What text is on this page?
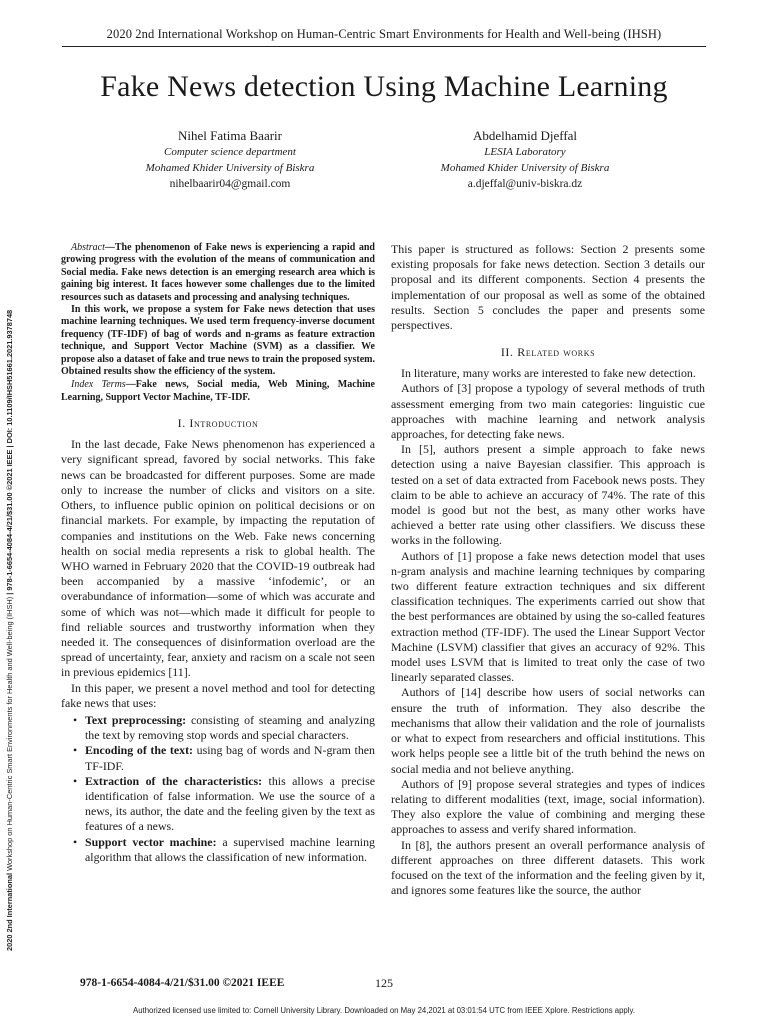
2020 2nd International Workshop on Human-Centric Smart Environments for Health and Well-being (IHSH)
Fake News detection Using Machine Learning
Nihel Fatima Baarir
Computer science department
Mohamed Khider University of Biskra
nihelbaarir04@gmail.com
Abdelhamid Djeffal
LESIA Laboratory
Mohamed Khider University of Biskra
a.djeffal@univ-biskra.dz
2020 2nd International Workshop on Human-Centric Smart Environments for Health and Well-being (IHSH) | 978-1-6654-4084-4/21/$31.00 ©2021 IEEE | DOI: 10.1109/IHSH51661.2021.9378748

Abstract—The phenomenon of Fake news is experiencing a rapid and growing progress with the evolution of the means of communication and Social media. Fake news detection is an emerging research area which is gaining big interest. It faces however some challenges due to the limited resources such as datasets and processing and analysing techniques.

In this work, we propose a system for Fake news detection that uses machine learning techniques. We used term frequency-inverse document frequency (TF-IDF) of bag of words and n-grams as feature extraction technique, and Support Vector Machine (SVM) as a classifier. We propose also a dataset of fake and true news to train the proposed system. Obtained results show the efficiency of the system.

Index Terms—Fake news, Social media, Web Mining, Machine Learning, Support Vector Machine, TF-IDF.

I. Introduction

In the last decade, Fake News phenomenon has experienced a very significant spread, favored by social networks. This fake news can be broadcasted for different purposes. Some are made only to increase the number of clicks and visitors on a site. Others, to influence public opinion on political decisions or on financial markets. For example, by impacting the reputation of companies and institutions on the Web. Fake news concerning health on social media represents a risk to global health. The WHO warned in February 2020 that the COVID-19 outbreak had been accompanied by a massive ‘infodemic’, or an overabundance of information—some of which was accurate and some of which was not—which made it difficult for people to find reliable sources and trustworthy information when they needed it. The consequences of disinformation overload are the spread of uncertainty, fear, anxiety and racism on a scale not seen in previous epidemics [11].

In this paper, we present a novel method and tool for detecting fake news that uses:

• Text preprocessing: consisting of steaming and analyzing the text by removing stop words and special characters.
• Encoding of the text: using bag of words and N-gram then TF-IDF.
• Extraction of the characteristics: this allows a precise identification of false information. We use the source of a news, its author, the date and the feeling given by the text as features of a news.
• Support vector machine: a supervised machine learning algorithm that allows the classification of new information.

This paper is structured as follows: Section 2 presents some existing proposals for fake news detection. Section 3 details our proposal and its different components. Section 4 presents the implementation of our proposal as well as some of the obtained results. Section 5 concludes the paper and presents some perspectives.

II. Related works

In literature, many works are interested to fake new detection.

Authors of [3] propose a typology of several methods of truth assessment emerging from two main categories: linguistic cue approaches with machine learning and network analysis approaches, for detecting fake news.

In [5], authors present a simple approach to fake news detection using a naive Bayesian classifier. This approach is tested on a set of data extracted from Facebook news posts. They claim to be able to achieve an accuracy of 74%. The rate of this model is good but not the best, as many other works have achieved a better rate using other classifiers. We discuss these works in the following.

Authors of [1] propose a fake news detection model that uses n-gram analysis and machine learning techniques by comparing two different feature extraction techniques and six different classification techniques. The experiments carried out show that the best performances are obtained by using the so-called features extraction method (TF-IDF). The used the Linear Support Vector Machine (LSVM) classifier that gives an accuracy of 92%. This model uses LSVM that is limited to treat only the case of two linearly separated classes.

Authors of [14] describe how users of social networks can ensure the truth of information. They also describe the mechanisms that allow their validation and the role of journalists or what to expect from researchers and official institutions. This work helps people see a little bit of the truth behind the news on social media and not believe anything.

Authors of [9] propose several strategies and types of indices relating to different modalities (text, image, social information). They also explore the value of combining and merging these approaches to assess and verify shared information.

In [8], the authors present an overall performance analysis of different approaches on three different datasets. This work focused on the text of the information and the feeling given by it, and ignores some features like the source, the author

978-1-6654-4084-4/21/$31.00 ©2021 IEEE	125
Authorized licensed use limited to: Cornell University Library. Downloaded on May 24,2021 at 03:01:54 UTC from IEEE Xplore. Restrictions apply.
